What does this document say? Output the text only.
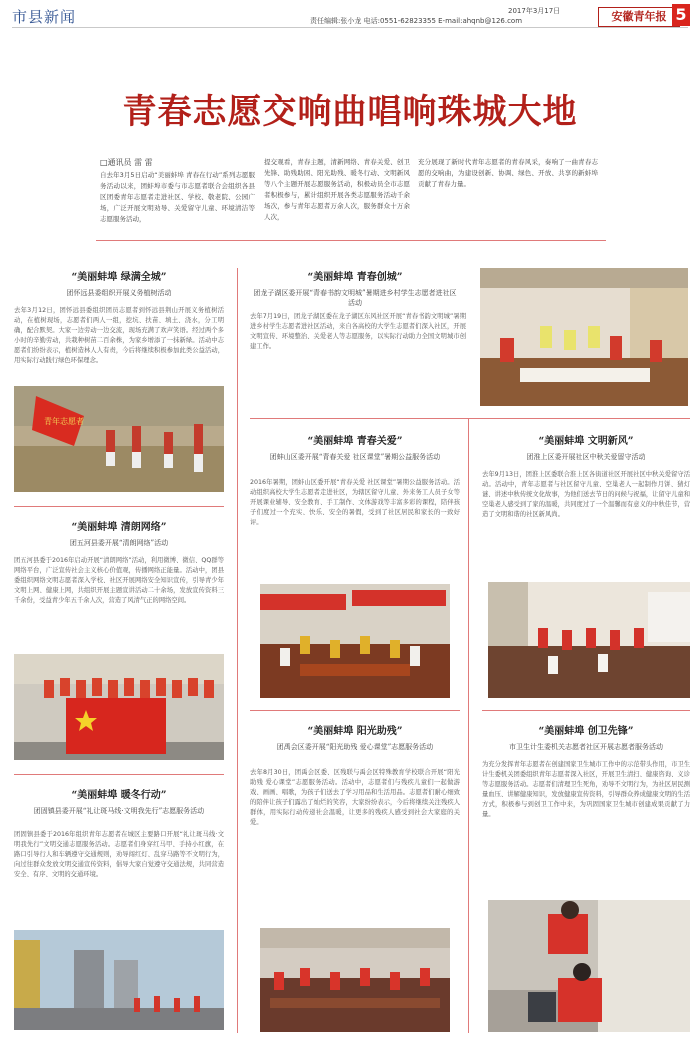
市县新闻	2017年3月17日
责任编辑:张小龙 电话:0551-62823355 E-mail:ahqnb@126.com	安徽青年报 5
青春志愿交响曲唱响珠城大地
□通讯员 雷 雷
自去年3月5日启动“美丽蚌埠 青春在行动”系列志愿服务活动以来，团蚌埠市委与市志愿者联合会组织各县区团委青年志愿者走进社区、学校、敬老院、公园广场，广泛开展文明劝导、关爱留守儿童、环境清洁等志愿服务活动，
提交观看，青春主题，清新网络、青春关爱、创卫先锋、助残助困、阳光助残、暖冬行动、文明新风等八个主题开展志愿服务活动，积极动员全市志愿者积极参与，累计组织开展各类志愿服务活动千余场次，参与青年志愿者万余人次，服务群众十万余人次，
充分展现了新时代青年志愿者的青春风采，奏响了一曲青春志愿的交响曲，为建设创新、协调、绿色、开放、共享的新蚌埠贡献了青春力量。
“美丽蚌埠 绿满全城”
团怀远县委组织开展义务植树活动
去年3月12日，团怀远县委组织团员志愿者到怀远县荆山开展义务植树活动，在植树现场，志愿者们两人一组，挖坑、扶苗、填土、浇水，分工明确，配合默契。大家一边劳动一边交流，现场充满了欢声笑语。经过两个多小时的辛勤劳动，共栽种树苗二百余株，为家乡增添了一抹新绿。活动中志愿者们纷纷表示，植树造林人人有责，今后将继续积极参加此类公益活动，用实际行动践行绿色环保理念。
青年志愿者
“美丽蚌埠 清朗网络”
团五河县委开展“清朗网络”活动
团五河县委于2016年启动开展“清朗网络”活动，利用微博、微信、QQ群等网络平台，广泛宣传社会主义核心价值观，传播网络正能量。活动中，团县委组织网络文明志愿者深入学校、社区开展网络安全知识宣传，引导青少年文明上网、健康上网，共组织开展主题宣讲活动二十余场，发放宣传资料三千余份，受益青少年五千余人次，营造了风清气正的网络空间。
“美丽蚌埠 暖冬行动”
团固镇县委开展“礼让斑马线·文明我先行”志愿服务活动
团固镇县委于2016年组织青年志愿者在城区主要路口开展“礼让斑马线·文明我先行”文明交通志愿服务活动。志愿者们身穿红马甲、手持小红旗，在路口引导行人和车辆遵守交通规则，劝导闯红灯、乱穿马路等不文明行为，向过往群众发放文明交通宣传资料，倡导大家自觉遵守交通法规，共同营造安全、有序、文明的交通环境。
“美丽蚌埠 青春创城”
团龙子湖区委开展“青春书韵文明城”暑期进乡村学生志愿者进社区活动
去年7月19日，团龙子湖区委在龙子湖区东风社区开展“青春书韵文明城”暑期进乡村学生志愿者进社区活动，来自各高校的大学生志愿者们深入社区，开展文明宣传、环境整治、关爱老人等志愿服务，以实际行动助力全国文明城市创建工作。
“美丽蚌埠 青春关爱”
团蚌山区委开展“青春关爱 社区课堂”暑期公益服务活动
2016年暑期，团蚌山区委开展“青春关爱 社区课堂”暑期公益服务活动。活动组织高校大学生志愿者走进社区，为辖区留守儿童、外来务工人员子女等开展课业辅导、安全教育、手工制作、文体游戏等丰富多彩的课程，陪伴孩子们度过一个充实、快乐、安全的暑假，受到了社区居民和家长的一致好评。
“美丽蚌埠 阳光助残”
团禹会区委开展“阳光助残 爱心课堂”志愿服务活动
去年8月30日，团禹会区委、区残联与禹会区特殊教育学校联合开展“阳光助残 爱心课堂”志愿服务活动。活动中，志愿者们与残疾儿童们一起做游戏、画画、唱歌，为孩子们送去了学习用品和生活用品。志愿者们耐心细致的陪伴让孩子们露出了灿烂的笑容，大家纷纷表示，今后将继续关注残疾人群体，用实际行动传递社会温暖，让更多的残疾人感受到社会大家庭的关爱。
“美丽蚌埠 文明新风”
团淮上区委开展社区中秋关爱留守活动
去年9月13日，团淮上区委联合淮上区各街道社区开展社区中秋关爱留守活动。活动中，青年志愿者与社区留守儿童、空巢老人一起制作月饼、猜灯谜、讲述中秋传统文化故事，为他们送去节日的问候与祝福，让留守儿童和空巢老人感受到了家的温暖，共同度过了一个温馨而有意义的中秋佳节，营造了文明和谐的社区新风尚。
“美丽蚌埠 创卫先锋”
市卫生计生委机关志愿者社区开展志愿者服务活动
为充分发挥青年志愿者在创建国家卫生城市工作中的示范带头作用，市卫生计生委机关团委组织青年志愿者深入社区，开展卫生清扫、健康咨询、义诊等志愿服务活动。志愿者们清理卫生死角，劝导不文明行为，为社区居民测量血压、讲解健康知识，发放健康宣传资料，引导群众养成健康文明的生活方式，积极参与到创卫工作中来，为巩固国家卫生城市创建成果贡献了力量。
